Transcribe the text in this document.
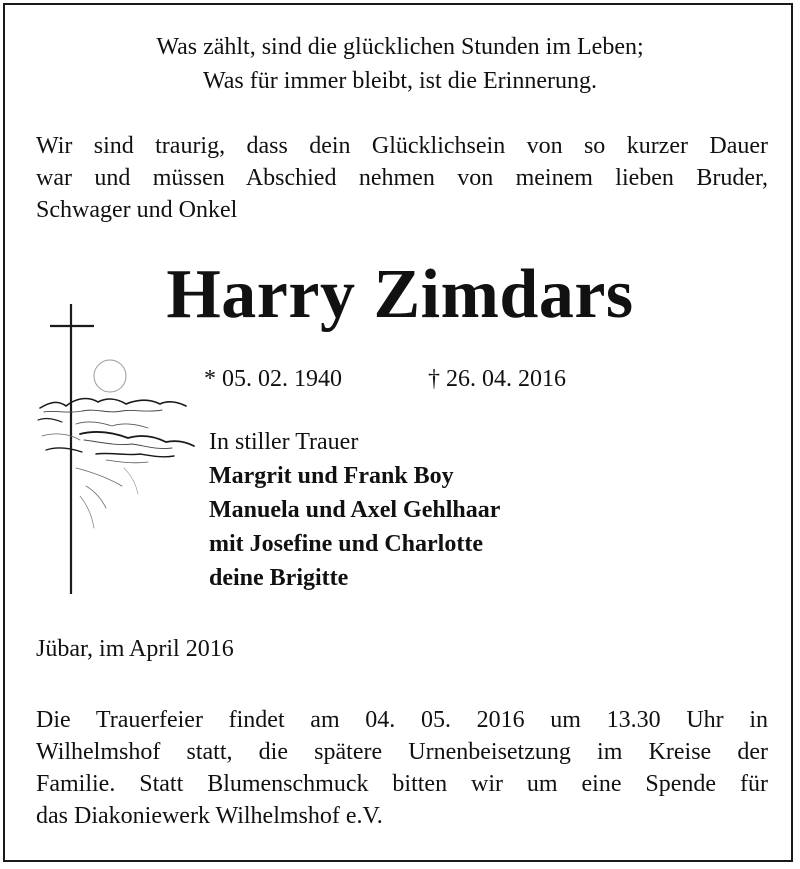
Was zählt, sind die glücklichen Stunden im Leben;
Was für immer bleibt, ist die Erinnerung.

Wir sind traurig, dass dein Glücklichsein von so kurzer Dauer

war und müssen Abschied nehmen von meinem lieben Bruder,

Schwager und Onkel

Harry Zimdars
* 05. 02. 1940	† 26. 04. 2016
In stiller Trauer
Margrit und Frank Boy
Manuela und Axel Gehlhaar
mit Josefine und Charlotte
deine Brigitte
Jübar, im April 2016
Die Trauerfeier findet am 04. 05. 2016 um 13.30 Uhr in
Wilhelmshof statt, die spätere Urnenbeisetzung im Kreise der
Familie. Statt Blumenschmuck bitten wir um eine Spende für
das Diakoniewerk Wilhelmshof e.V.
